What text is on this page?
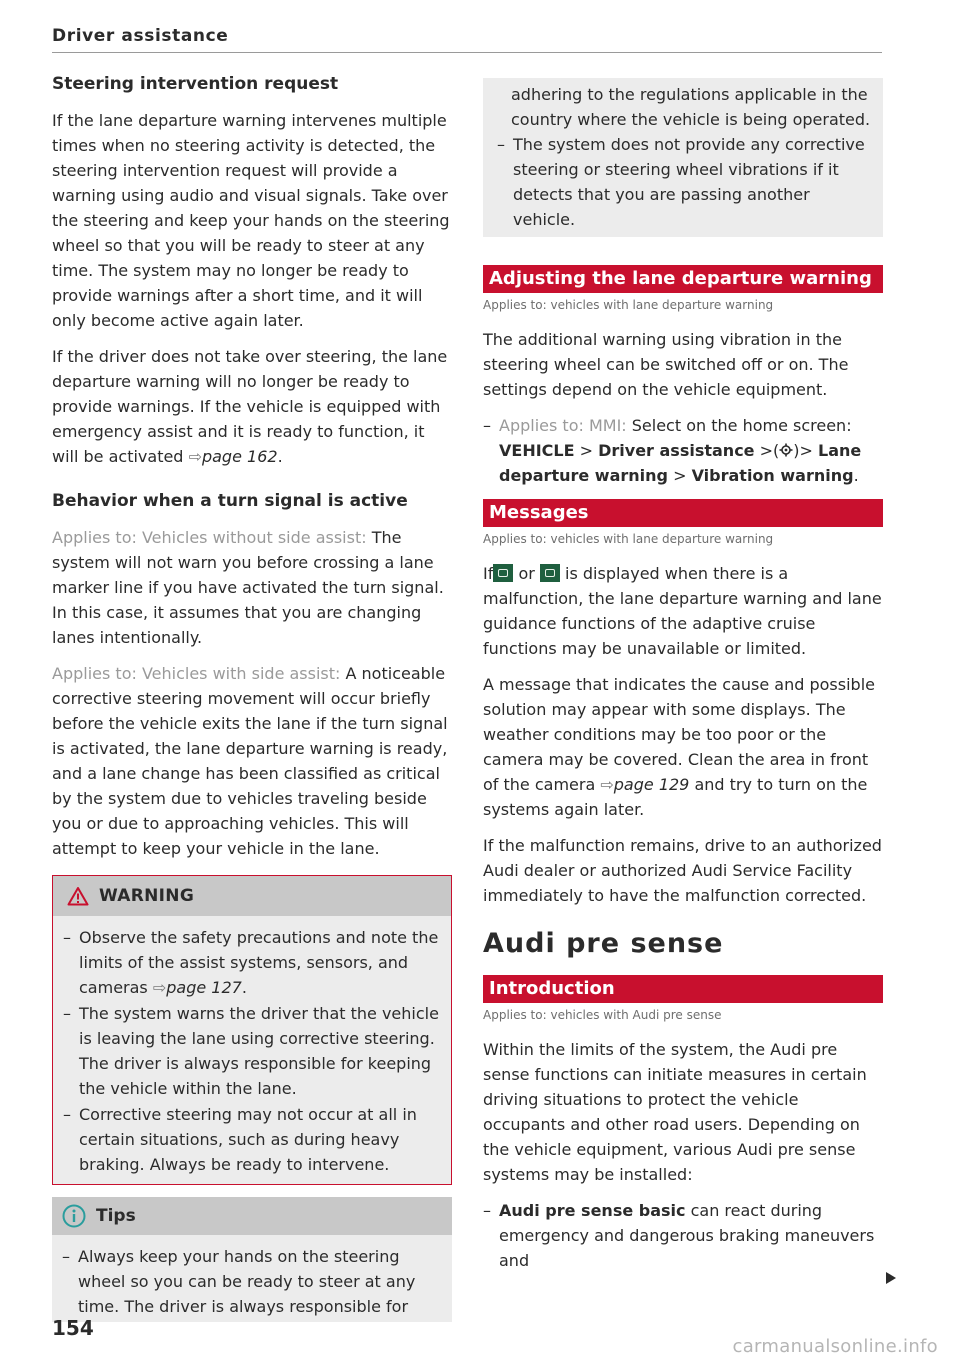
Driver assistance
Steering intervention request

If the lane departure warning intervenes multiple times when no steering activity is detected, the steering intervention request will provide a warning using audio and visual signals. Take over the steering and keep your hands on the steering wheel so that you will be ready to steer at any time. The system may no longer be ready to provide warnings after a short time, and it will only become active again later.

If the driver does not take over steering, the lane departure warning will no longer be ready to provide warnings. If the vehicle is equipped with emergency assist and it is ready to function, it will be activated ⇨page 162.

Behavior when a turn signal is active

Applies to: Vehicles without side assist: The system will not warn you before crossing a lane marker line if you have activated the turn signal. In this case, it assumes that you are changing lanes intentionally.

Applies to: Vehicles with side assist: A noticeable corrective steering movement will occur briefly before the vehicle exits the lane if the turn signal is activated, the lane departure warning is ready, and a lane change has been classified as critical by the system due to vehicles traveling beside you or due to approaching vehicles. This will attempt to keep your vehicle in the lane.

WARNING
– Observe the safety precautions and note the limits of the assist systems, sensors, and cameras ⇨page 127.
– The system warns the driver that the vehicle is leaving the lane using corrective steering. The driver is always responsible for keeping the vehicle within the lane.
– Corrective steering may not occur at all in certain situations, such as during heavy braking. Always be ready to intervene.
Tips
– Always keep your hands on the steering wheel so you can be ready to steer at any time. The driver is always responsible for
adhering to the regulations applicable in the country where the vehicle is being operated.
– The system does not provide any corrective steering or steering wheel vibrations if it detects that you are passing another vehicle.
Adjusting the lane departure warning
Applies to: vehicles with lane departure warning

The additional warning using vibration in the steering wheel can be switched off or on. The settings depend on the vehicle equipment.

– Applies to: MMI: Select on the home screen: VEHICLE > Driver assistance >( )> Lane departure warning > Vibration warning.
Messages
Applies to: vehicles with lane departure warning

If or is displayed when there is a malfunction, the lane departure warning and lane guidance functions of the adaptive cruise functions may be unavailable or limited.

A message that indicates the cause and possible solution may appear with some displays. The weather conditions may be too poor or the camera may be covered. Clean the area in front of the camera ⇨page 129 and try to turn on the systems again later.

If the malfunction remains, drive to an authorized Audi dealer or authorized Audi Service Facility immediately to have the malfunction corrected.

Audi pre sense
Introduction
Applies to: vehicles with Audi pre sense

Within the limits of the system, the Audi pre sense functions can initiate measures in certain driving situations to protect the vehicle occupants and other road users. Depending on the vehicle equipment, various Audi pre sense systems may be installed:

– Audi pre sense basic can react during emergency and dangerous braking maneuvers and
154
carmanualsonline.info
